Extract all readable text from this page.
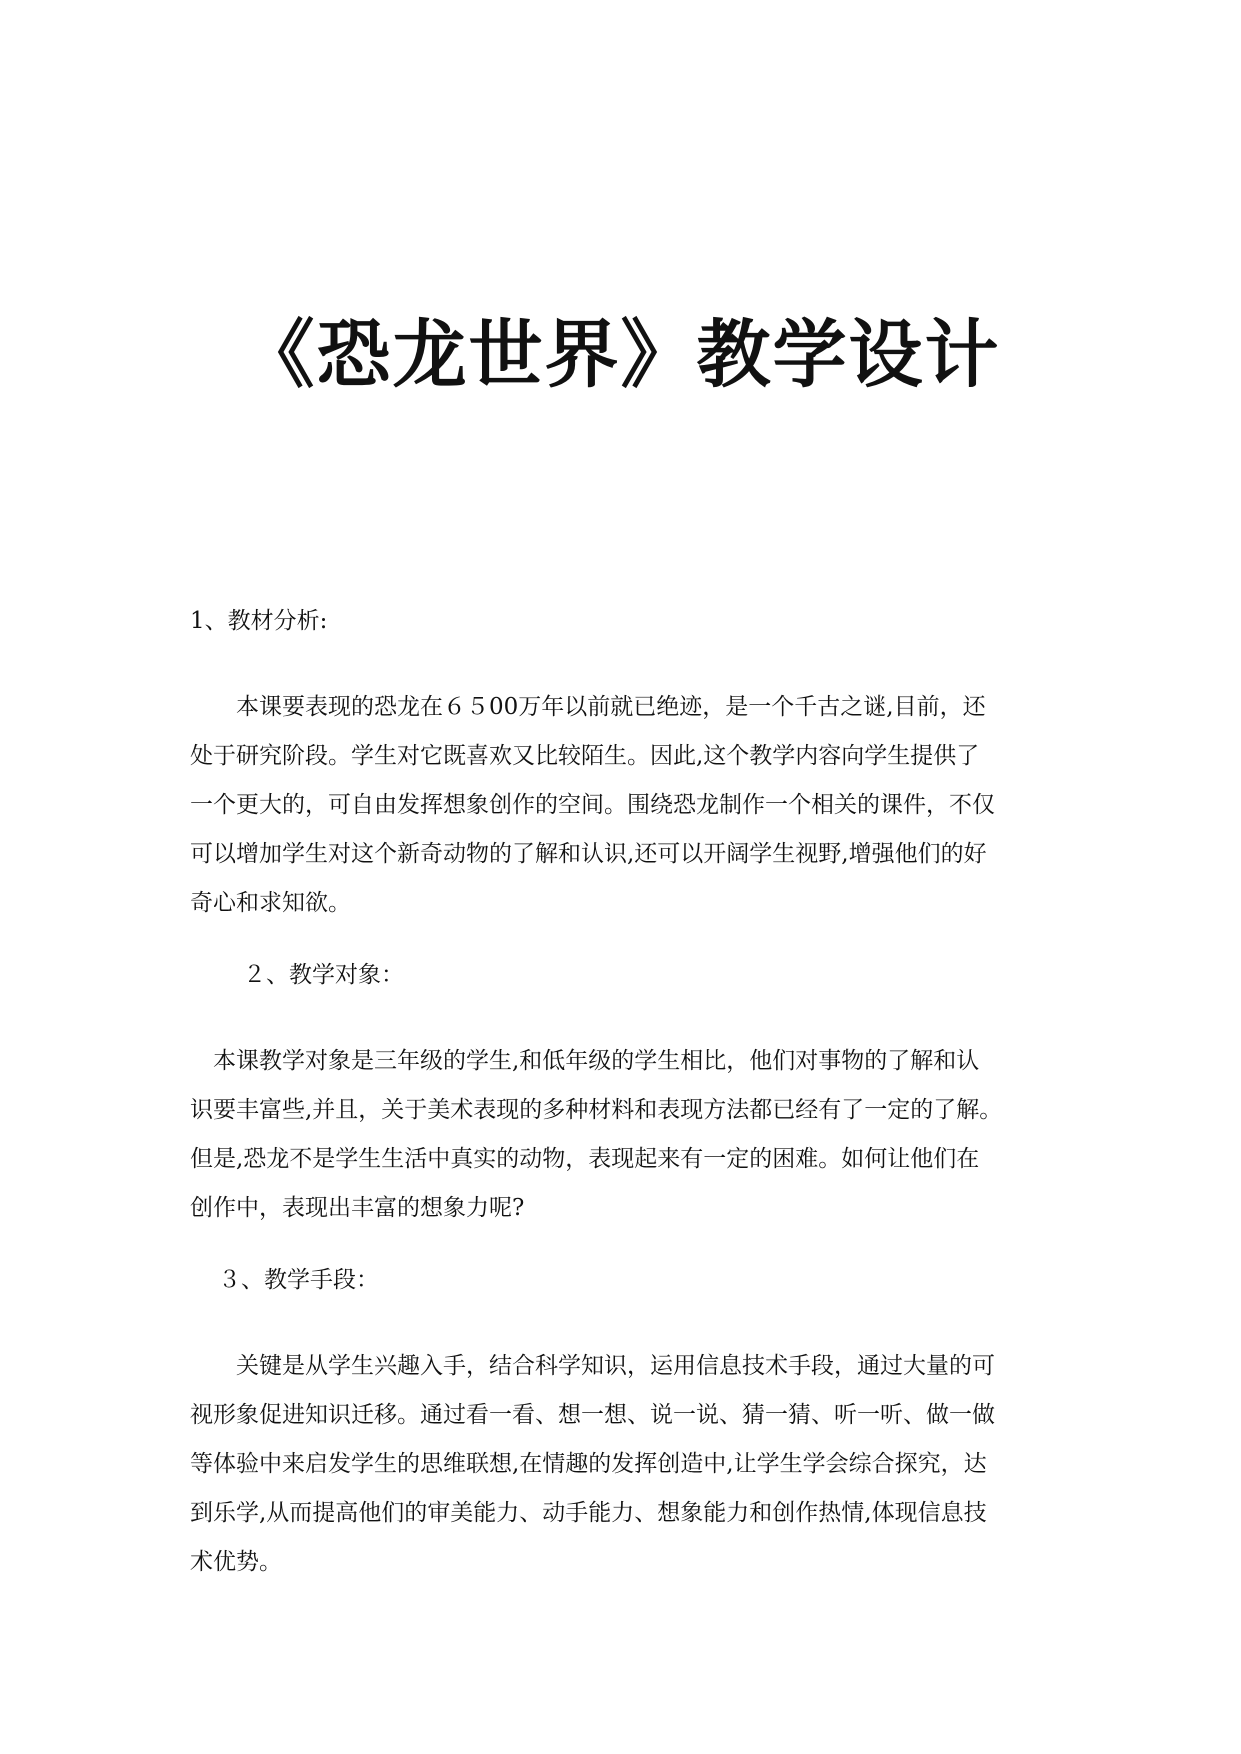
《恐龙世界》教学设计
1、教材分析:
　　本课要表现的恐龙在６５00万年以前就已绝迹，是一个千古之谜,目前，还
处于研究阶段。学生对它既喜欢又比较陌生。因此,这个教学内容向学生提供了
一个更大的，可自由发挥想象创作的空间。围绕恐龙制作一个相关的课件，不仅
可以增加学生对这个新奇动物的了解和认识,还可以开阔学生视野,增强他们的好
奇心和求知欲。
２、教学对象：
　本课教学对象是三年级的学生,和低年级的学生相比，他们对事物的了解和认
识要丰富些,并且，关于美术表现的多种材料和表现方法都已经有了一定的了解。
但是,恐龙不是学生生活中真实的动物，表现起来有一定的困难。如何让他们在
创作中，表现出丰富的想象力呢?
３、教学手段：
　　关键是从学生兴趣入手，结合科学知识，运用信息技术手段，通过大量的可
视形象促进知识迁移。通过看一看、想一想、说一说、猜一猜、听一听、做一做
等体验中来启发学生的思维联想,在情趣的发挥创造中,让学生学会综合探究，达
到乐学,从而提高他们的审美能力、动手能力、想象能力和创作热情,体现信息技
术优势。
